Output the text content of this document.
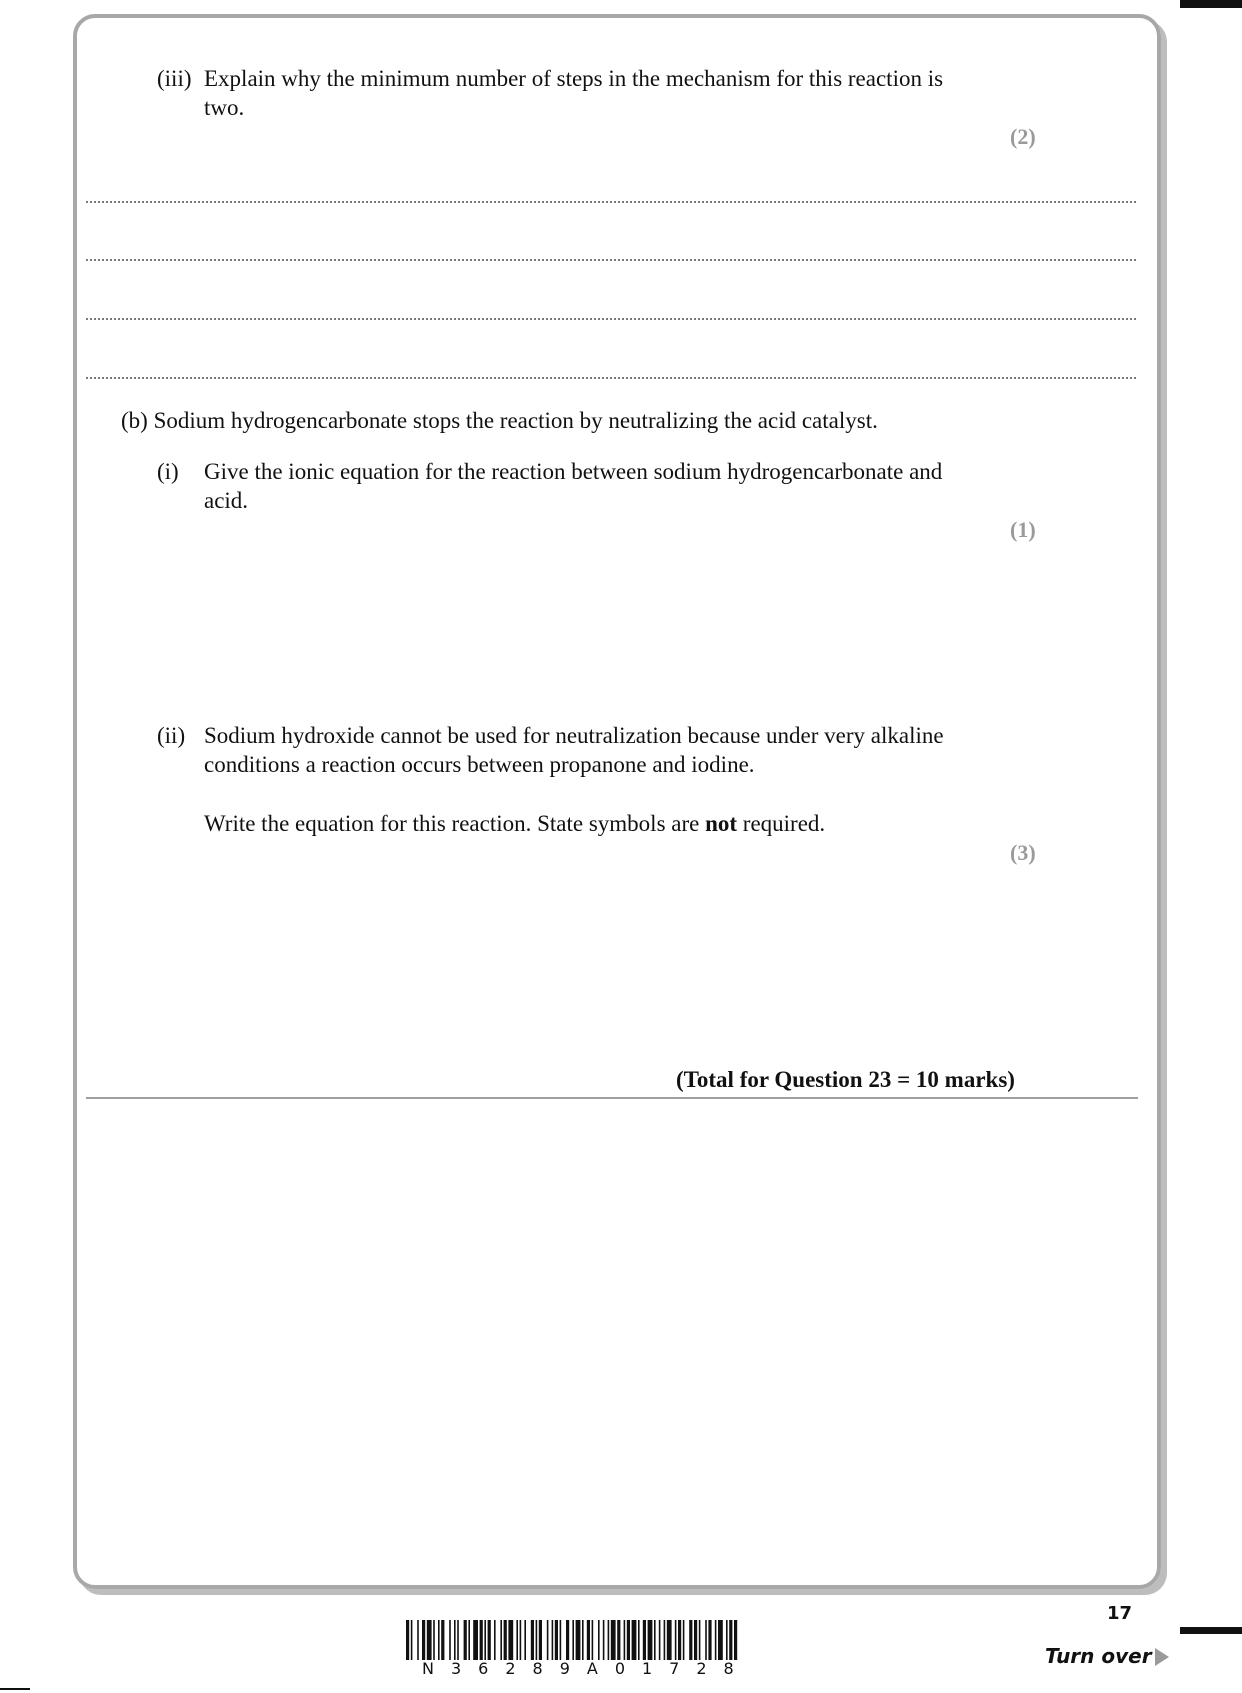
(iii) Explain why the minimum number of steps in the mechanism for this reaction is
two.
(2)
(b) Sodium hydrogencarbonate stops the reaction by neutralizing the acid catalyst.
(i) Give the ionic equation for the reaction between sodium hydrogencarbonate and
acid.
(1)
(ii) Sodium hydroxide cannot be used for neutralization because under very alkaline
conditions a reaction occurs between propanone and iodine.
Write the equation for this reaction. State symbols are not required.
(3)
(Total for Question 23 = 10 marks)
17
Turn over
N36289A01728
